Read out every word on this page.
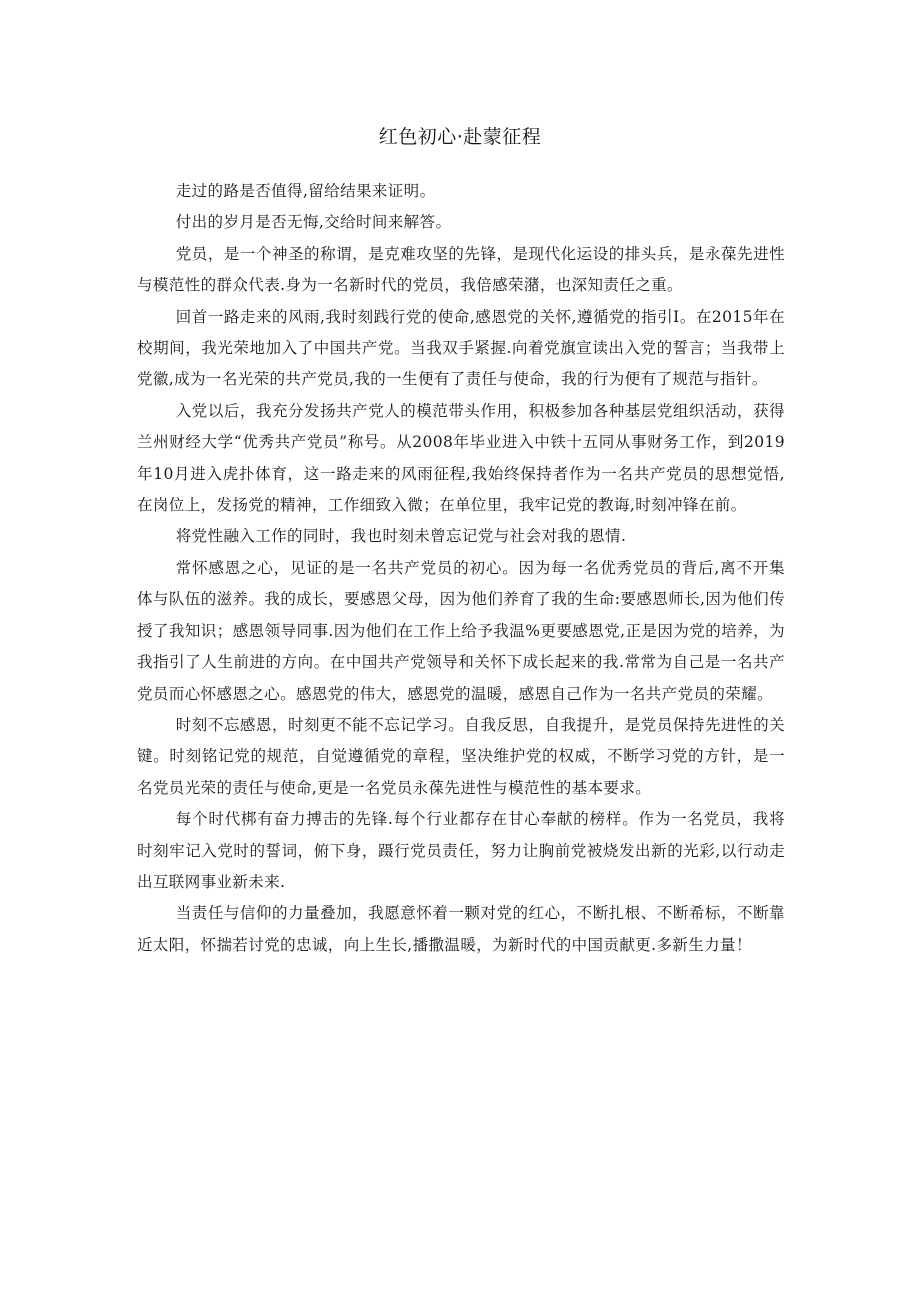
红色初心·赴蒙征程

走过的路是否值得,留给结果来证明。

付出的岁月是否无悔,交给时间来解答。

党员，是一个神圣的称谓，是克难攻坚的先锋，是现代化运设的排头兵，是永葆先进性与模范性的群众代表.身为一名新时代的党员，我倍感荣潴，也深知责任之重。

回首一路走来的风雨,我时刻践行党的使命,感恩党的关怀,遵循党的指引I。在2015年在校期间，我光荣地加入了中国共产党。当我双手紧握.向着党旗宣读出入党的誓言；当我带上党徽,成为一名光荣的共产党员,我的一生便有了责任与使命，我的行为便有了规范与指针。

入党以后，我充分发扬共产党人的模范带头作用，积极参加各种基层党组织活动，获得兰州财经大学“优秀共产党员”称号。从2008年毕业进入中铁十五同从事财务工作，到2019年10月进入虎扑体育，这一路走来的风雨征程,我始终保持者作为一名共产党员的思想觉悟,在岗位上，发扬党的精神，工作细致入微；在单位里，我牢记党的教诲,时刻冲锋在前。

将党性融入工作的同时，我也时刻未曾忘记党与社会对我的恩情.

常怀感恩之心，见证的是一名共产党员的初心。因为每一名优秀党员的背后,离不开集体与队伍的滋养。我的成长，要感恩父母，因为他们养育了我的生命:要感恩师长,因为他们传授了我知识；感恩领导同事.因为他们在工作上给予我温%更要感恩党,正是因为党的培养，为我指引了人生前进的方向。在中国共产党领导和关怀下成长起来的我.常常为自己是一名共产党员而心怀感恩之心。感恩党的伟大，感恩党的温暖，感恩自己作为一名共产党员的荣耀。

时刻不忘感恩，时刻更不能不忘记学习。自我反思，自我提升，是党员保持先进性的关键。时刻铭记党的规范，自觉遵循党的章程，坚决维护党的权威，不断学习党的方针，是一名党员光荣的责任与使命,更是一名党员永葆先进性与模范性的基本要求。

每个时代梆有奋力搏击的先锋.每个行业都存在甘心奉献的榜样。作为一名党员，我将时刻牢记入党时的誓词，俯下身，蹑行党员责任，努力让胸前党被烧发出新的光彩,以行动走出互联网事业新未来.

当责任与信仰的力量叠加，我愿意怀着一颗对党的红心，不断扎根、不断希标，不断靠近太阳，怀揣若讨党的忠诚，向上生长,播撒温暖，为新时代的中国贡献更.多新生力量！
